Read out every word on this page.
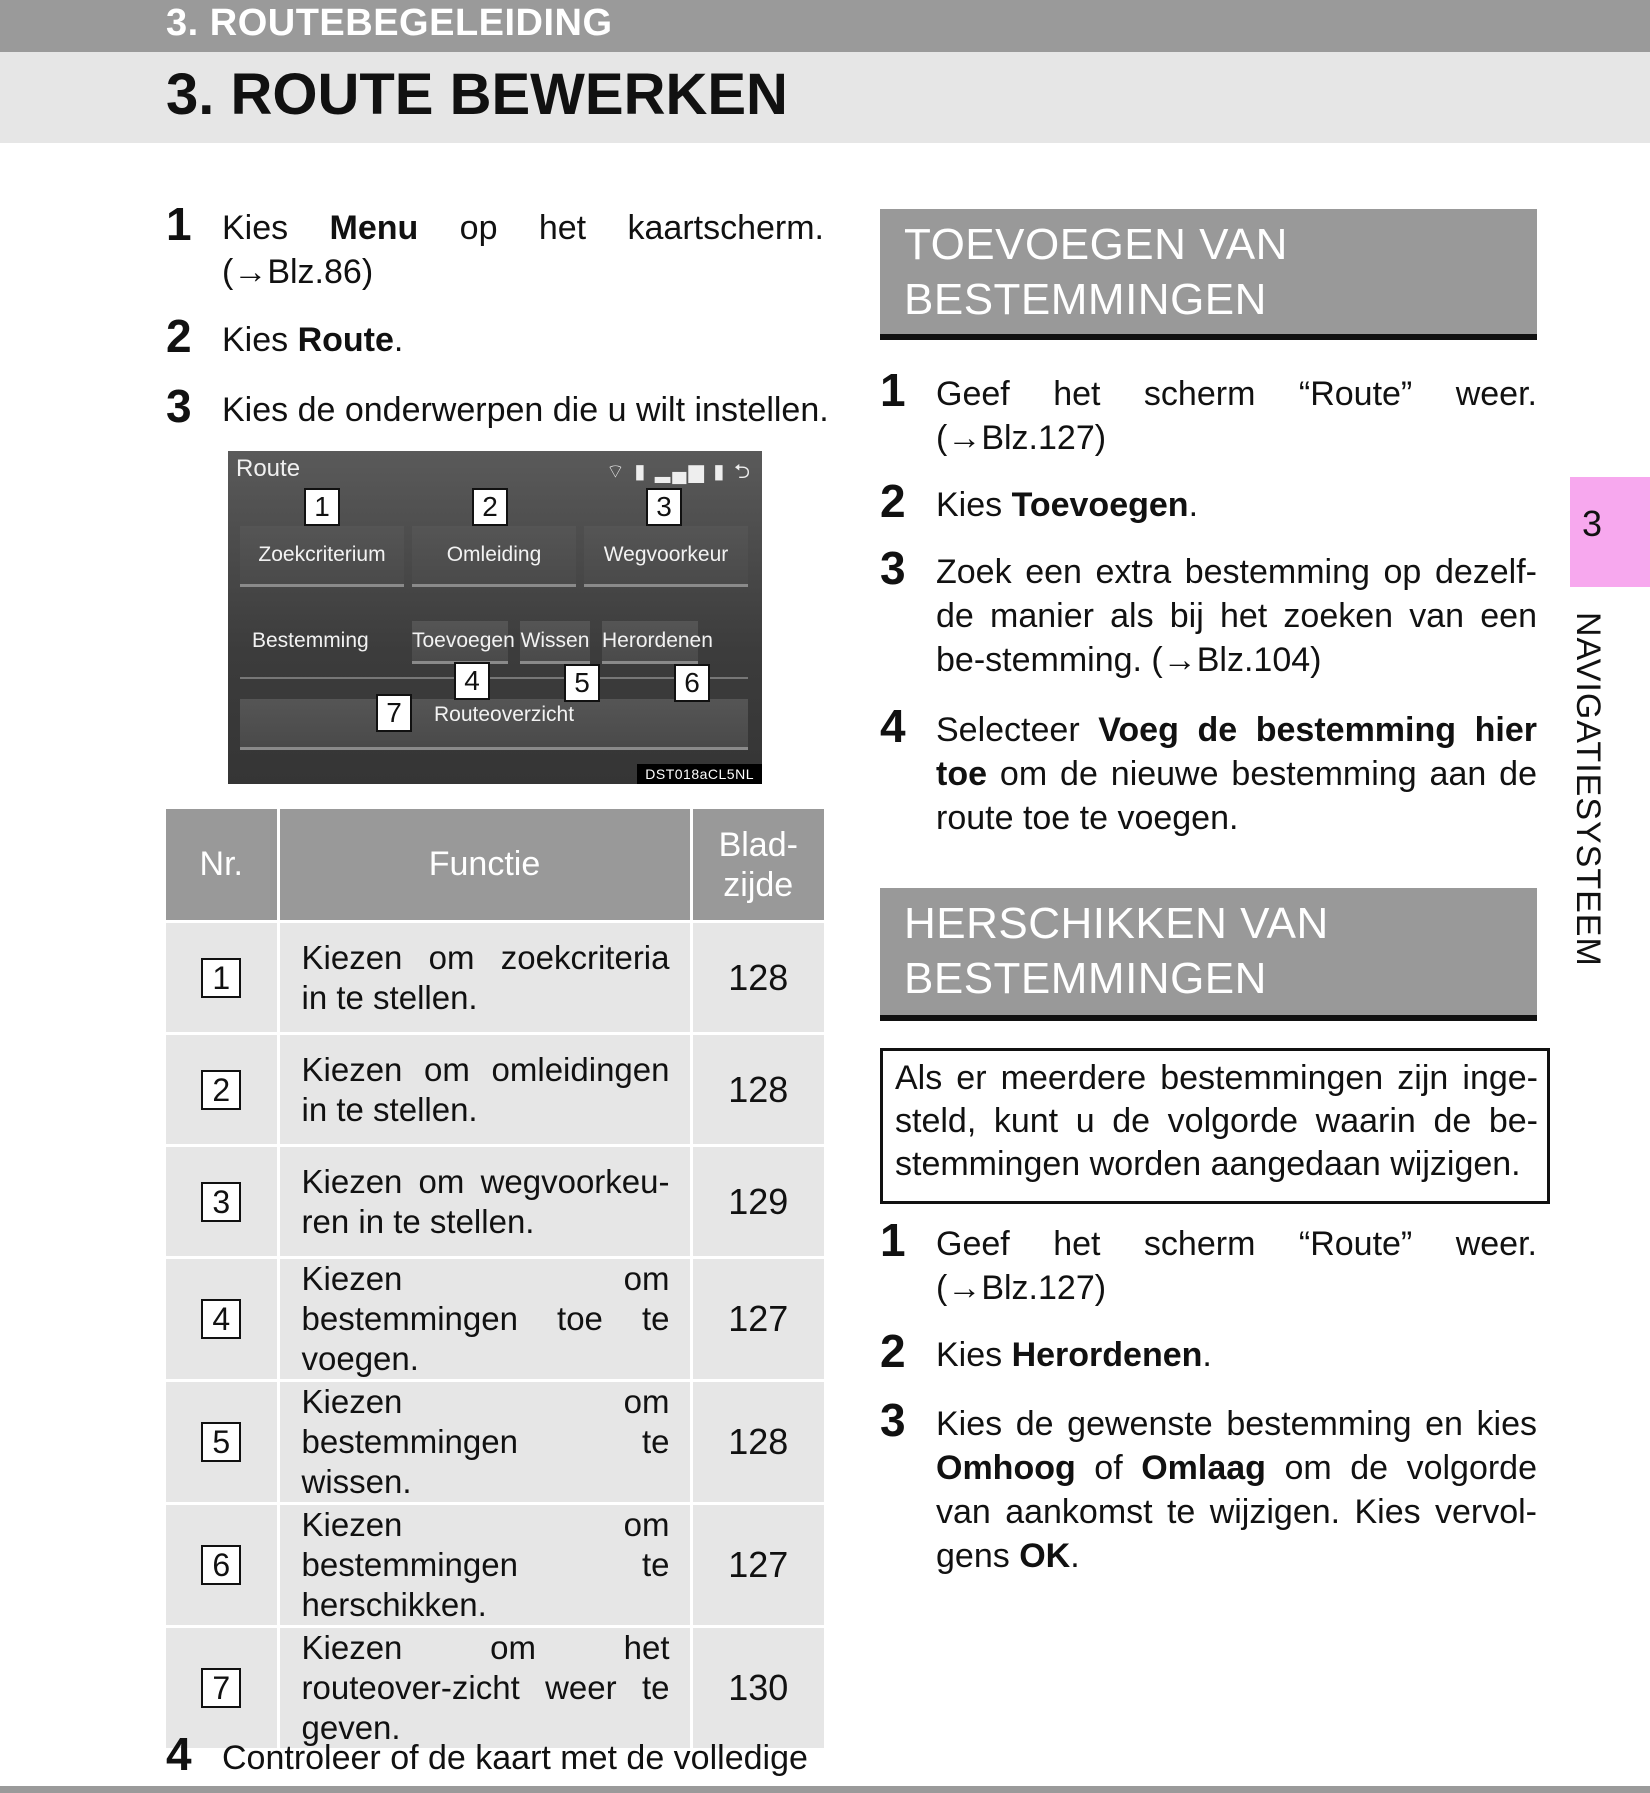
3. ROUTEBEGELEIDING
3. ROUTE BEWERKEN
1 Kies Menu op het kaartscherm. (→Blz.86)
2 Kies Route.
3 Kies de onderwerpen die u wilt instellen.
Route	⌔ ▮ ▂▄▆ ▮ ⮌
Zoekcriterium	Omleiding	Wegvoorkeur
Bestemming Toevoegen Wissen Herordenen
Routeoverzicht
1	2	3
4	5	6
7
DST018aCL5NL
Nr.	Functie	Blad-
zijde
1	Kiezen om zoekcriteria in te stellen.	128
2	Kiezen om omleidingen in te stellen.	128
3	Kiezen om wegvoorkeu-ren in te stellen.	129
4	Kiezen om bestemmingen toe te voegen.	127
5	Kiezen om bestemmingen te wissen.	128
6	Kiezen om bestemmingen te herschikken.	127
7	Kiezen om het routeover-zicht weer te geven.	130
4 Controleer of de kaart met de volledige
TOEVOEGEN VAN
BESTEMMINGEN
1 Geef het scherm “Route” weer. (→Blz.127)
2 Kies Toevoegen.
3 Zoek een extra bestemming op dezelf-de manier als bij het zoeken van een be-stemming. (→Blz.104)
4 Selecteer Voeg de bestemming hier toe om de nieuwe bestemming aan de route toe te voegen.
HERSCHIKKEN VAN
BESTEMMINGEN
Als er meerdere bestemmingen zijn inge-steld, kunt u de volgorde waarin de be-stemmingen worden aangedaan wijzigen.
1 Geef het scherm “Route” weer. (→Blz.127)
2 Kies Herordenen.
3 Kies de gewenste bestemming en kies Omhoog of Omlaag om de volgorde van aankomst te wijzigen. Kies vervol-gens OK.
3
NAVIGATIESYSTEEM
